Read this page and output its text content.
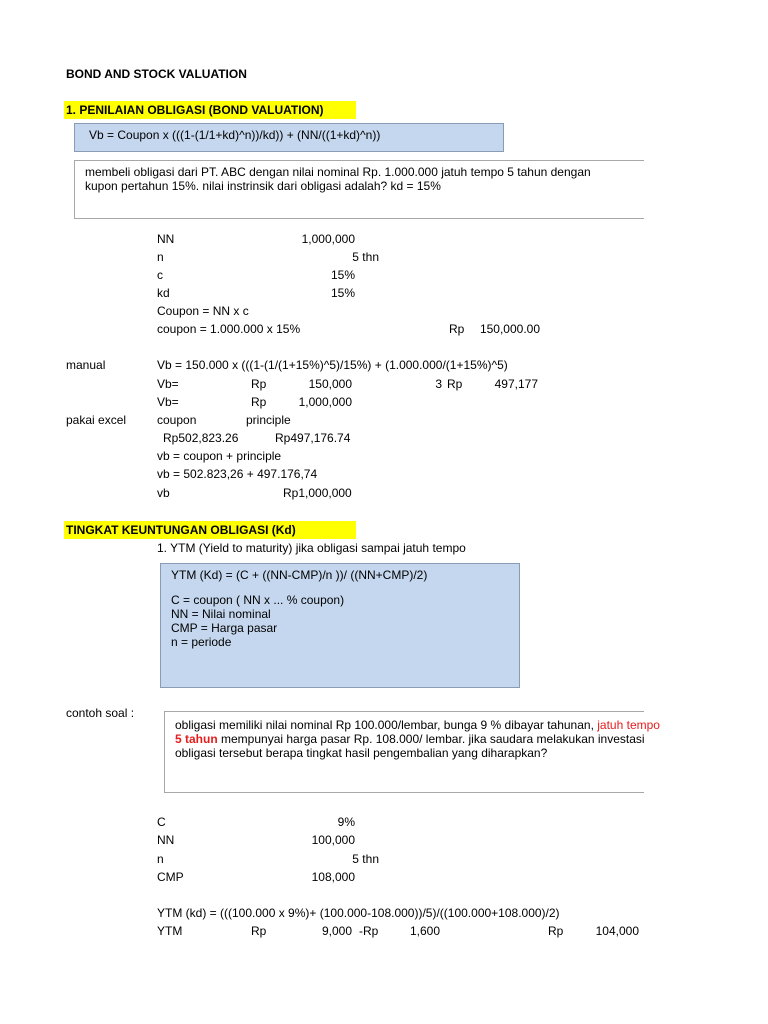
BOND AND STOCK VALUATION
1. PENILAIAN OBLIGASI (BOND VALUATION)
Vb = Coupon x (((1-(1/1+kd)^n))/kd)) + (NN/((1+kd)^n))
membeli obligasi dari PT. ABC dengan nilai nominal Rp. 1.000.000 jatuh tempo 5 tahun dengan
kupon pertahun 15%. nilai instrinsik dari obligasi adalah? kd = 15%
NN	1,000,000
n	5 thn
c	15%
kd	15%
Coupon = NN x c
coupon = 1.000.000 x 15%	Rp	150,000.00
manual	Vb = 150.000 x (((1-(1/(1+15%)^5)/15%) + (1.000.000/(1+15%)^5)
Vb=	Rp	150,000	3 Rp	497,177
Vb=	Rp	1,000,000
pakai excel	coupon	principle
Rp502,823.26	Rp497,176.74
vb = coupon + principle
vb = 502.823,26 + 497.176,74
vb	Rp1,000,000
TINGKAT KEUNTUNGAN OBLIGASI (Kd)
1. YTM (Yield to maturity) jika obligasi sampai jatuh tempo
YTM (Kd) = (C + ((NN-CMP)/n ))/ ((NN+CMP)/2)
C = coupon ( NN x ... % coupon)
NN = Nilai nominal
CMP = Harga pasar
n = periode
contoh soal :
obligasi memiliki nilai nominal Rp 100.000/lembar, bunga 9 % dibayar tahunan, jatuh tempo
5 tahun mempunyai harga pasar Rp. 108.000/ lembar. jika saudara melakukan investasi
obligasi tersebut berapa tingkat hasil pengembalian yang diharapkan?
C	9%
NN	100,000
n	5 thn
CMP	108,000
YTM (kd) = (((100.000 x 9%)+ (100.000-108.000))/5)/((100.000+108.000)/2)
YTM	Rp	9,000 -Rp	1,600	Rp	104,000
